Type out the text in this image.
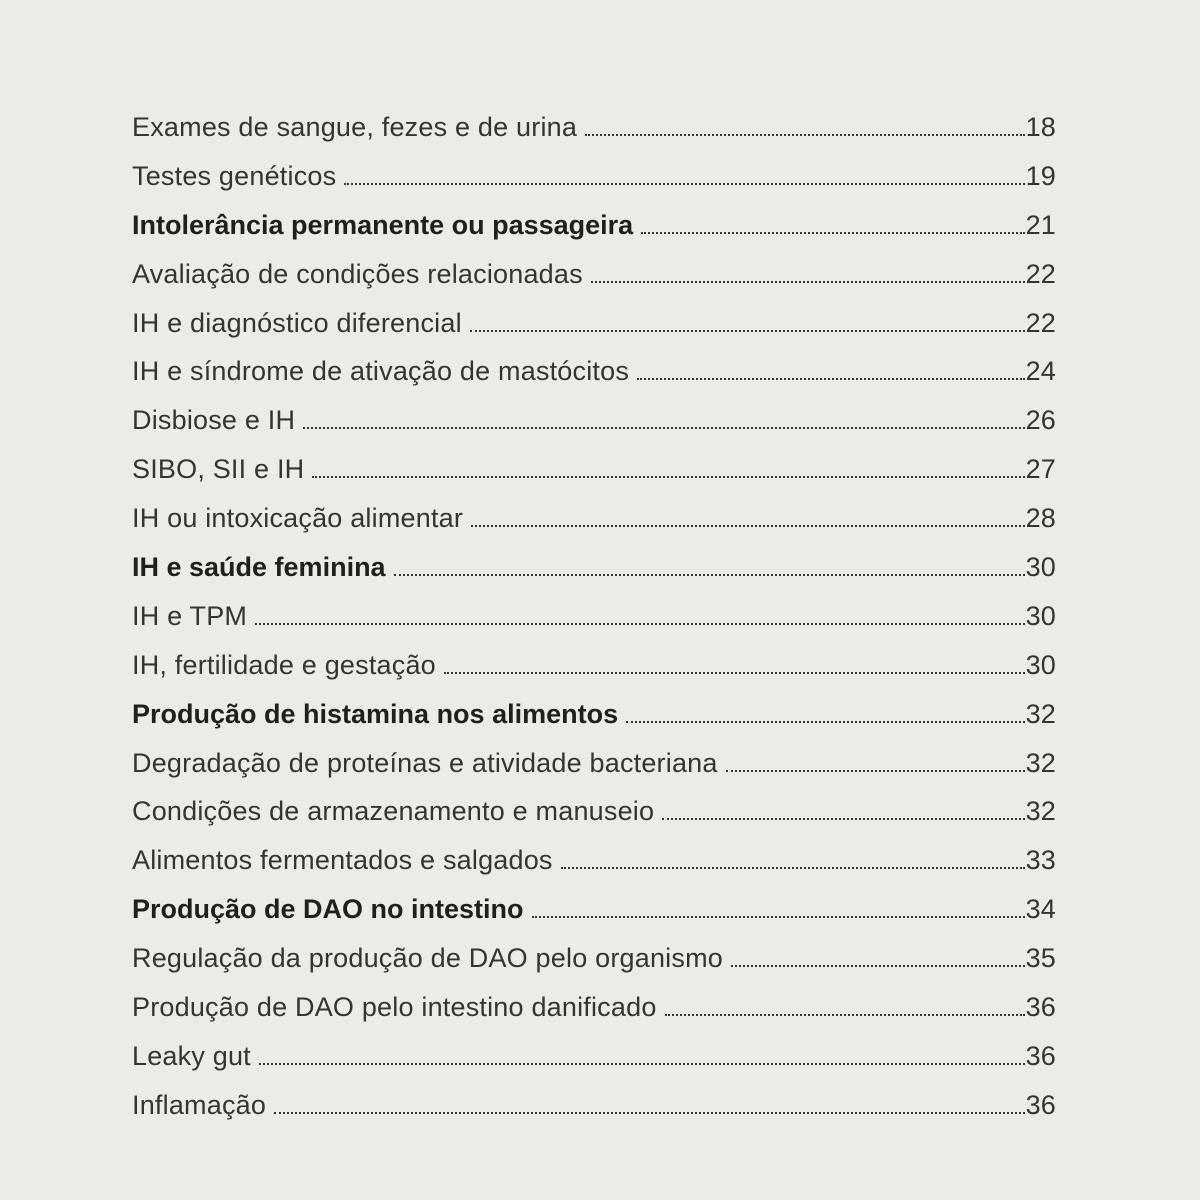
Exames de sangue, fezes e de urina	18
Testes genéticos	19
Intolerância permanente ou passageira	21
Avaliação de condições relacionadas	22
IH e diagnóstico diferencial	22
IH e síndrome de ativação de mastócitos	24
Disbiose e IH	26
SIBO, SII e IH	27
IH ou intoxicação alimentar	28
IH e saúde feminina	30
IH e TPM	30
IH, fertilidade e gestação	30
Produção de histamina nos alimentos	32
Degradação de proteínas e atividade bacteriana	32
Condições de armazenamento e manuseio	32
Alimentos fermentados e salgados	33
Produção de DAO no intestino	34
Regulação da produção de DAO pelo organismo	35
Produção de DAO pelo intestino danificado	36
Leaky gut	36
Inflamação	36
